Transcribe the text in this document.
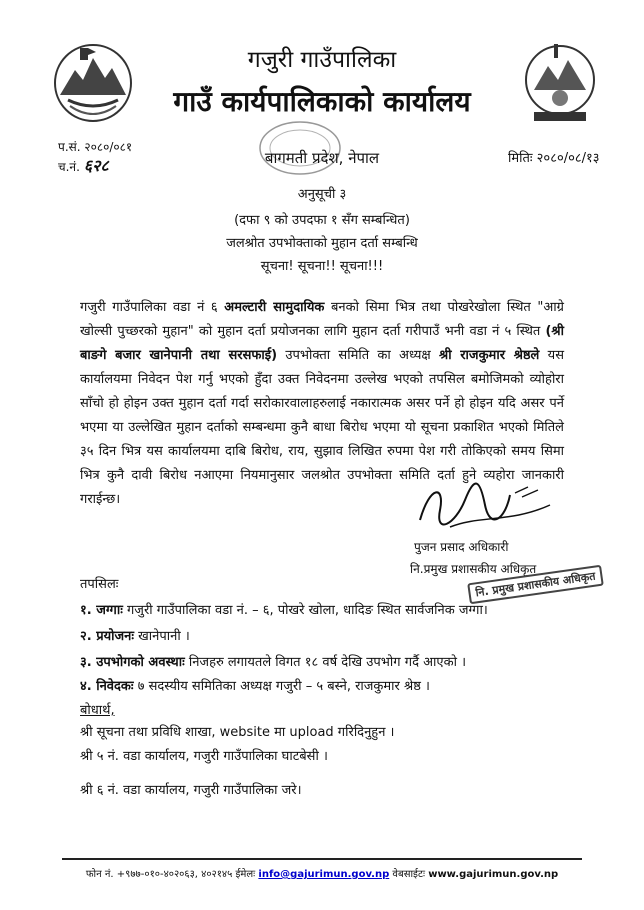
गजुरी गाउँपालिका
गाउँ कार्यपालिकाको कार्यालय
प.सं. २०८०/०८१
च.नं. ६२८	बागमती प्रदेश, नेपाल	मितिः २०८०/०८/१३
अनुसूची ३
(दफा ९ को उपदफा १ सँग सम्बन्धित)
जलश्रोत उपभोक्ताको मुहान दर्ता सम्बन्धि
सूचना! सूचना!! सूचना!!!
गजुरी गाउँपालिका वडा नं ६ अमल्टारी सामुदायिक बनको सिमा भित्र तथा पोखरेखोला स्थित "आग्रे खोल्सी पुच्छरको मुहान" को मुहान दर्ता प्रयोजनका लागि मुहान दर्ता गरीपाउँ भनी वडा नं ५ स्थित (श्री बाङगे बजार खानेपानी तथा सरसफाई) उपभोक्ता समिति का अध्यक्ष श्री राजकुमार श्रेष्ठले यस कार्यालयमा निवेदन पेश गर्नु भएको हुँदा उक्त निवेदनमा उल्लेख भएको तपसिल बमोजिमको व्योहोरा साँचो हो होइन उक्त मुहान दर्ता गर्दा सरोकारवालाहरुलाई नकारात्मक असर पर्ने हो होइन यदि असर पर्ने भएमा या उल्लेखित मुहान दर्ताको सम्बन्धमा कुनै बाधा बिरोध भएमा यो सूचना प्रकाशित भएको मितिले ३५ दिन भित्र यस कार्यालयमा दाबि बिरोध, राय, सुझाव लिखित रुपमा पेश गरी तोकिएको समय सिमा भित्र कुनै दावी बिरोध नआएमा नियमानुसार जलश्रोत उपभोक्ता समिति दर्ता हुने व्यहोरा जानकारी गराईन्छ।
पुजन प्रसाद अधिकारी
नि.प्रमुख प्रशासकीय अधिकृत
नि. प्रमुख प्रशासकीय अधिकृत
तपसिलः
१. जग्गाः गजुरी गाउँपालिका वडा नं. – ६, पोखरे खोला, धादिङ स्थित सार्वजनिक जग्गा।
२. प्रयोजनः खानेपानी ।
३. उपभोगको अवस्थाः निजहरु लगायतले विगत १८ वर्ष देखि उपभोग गर्दै आएको ।
४. निवेदकः ७ सदस्यीय समितिका अध्यक्ष गजुरी – ५ बस्ने, राजकुमार श्रेष्ठ ।
बोधार्थ,
श्री सूचना तथा प्रविधि शाखा, website मा upload गरिदिनुहुन ।
श्री ५ नं. वडा कार्यालय, गजुरी गाउँपालिका घाटबेसी ।
श्री ६ नं. वडा कार्यालय, गजुरी गाउँपालिका जरे।
फोन नं. +९७७-०१०-४०२०६३, ४०२१४५ ईमेलः info@gajurimun.gov.np वेबसाईटः www.gajurimun.gov.np
